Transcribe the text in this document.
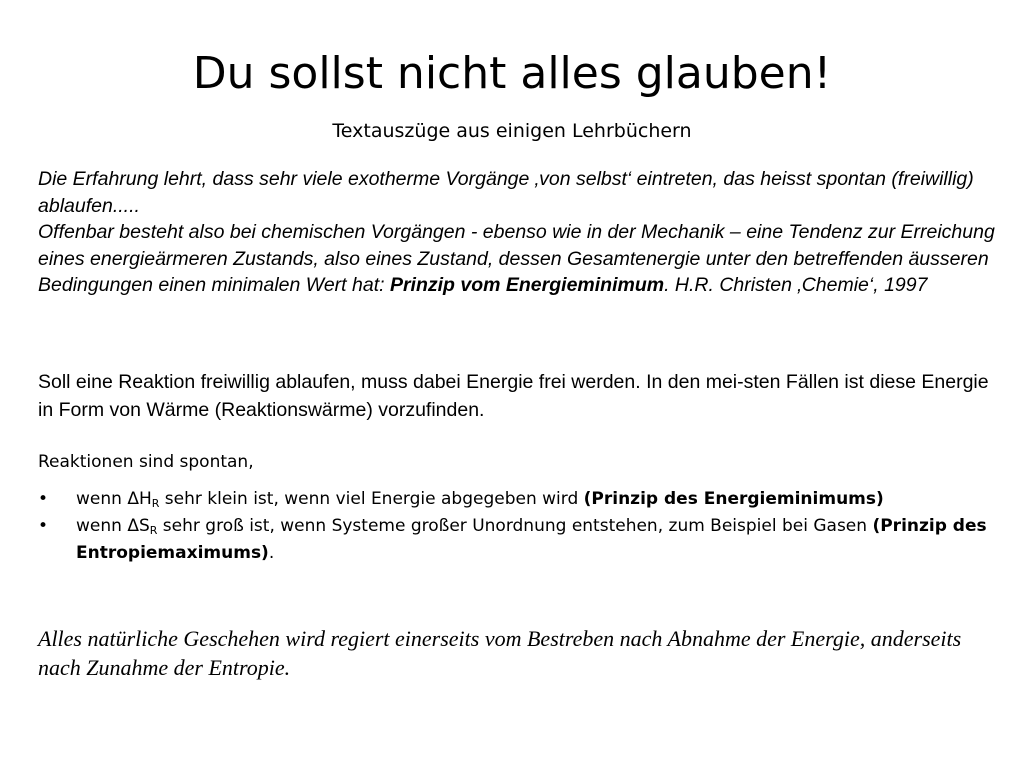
Du sollst nicht alles glauben!
Textauszüge aus einigen Lehrbüchern

Die Erfahrung lehrt, dass sehr viele exotherme Vorgänge ‚von selbst‘ eintreten, das heisst spontan (freiwillig) ablaufen.....

Offenbar besteht also bei chemischen Vorgängen - ebenso wie in der Mechanik – eine Tendenz zur Erreichung eines energieärmeren Zustands, also eines Zustand, dessen Gesamtenergie unter den betreffenden äusseren Bedingungen einen minimalen Wert hat: Prinzip vom Energieminimum. H.R. Christen ‚Chemie‘, 1997

Soll eine Reaktion freiwillig ablaufen, muss dabei Energie frei werden. In den mei-sten Fällen ist diese Energie in Form von Wärme (Reaktionswärme) vorzufinden.

Reaktionen sind spontan,
• wenn $\Delta H_R$ sehr klein ist, wenn viel Energie abgegeben wird (Prinzip des Energieminimums)
• wenn $\Delta S_R$ sehr groß ist, wenn Systeme großer Unordnung entstehen, zum Beispiel bei Gasen (Prinzip des Entropiemaximums).

Alles natürliche Geschehen wird regiert einerseits vom Bestreben nach Abnahme der Energie, anderseits nach Zunahme der Entropie.
